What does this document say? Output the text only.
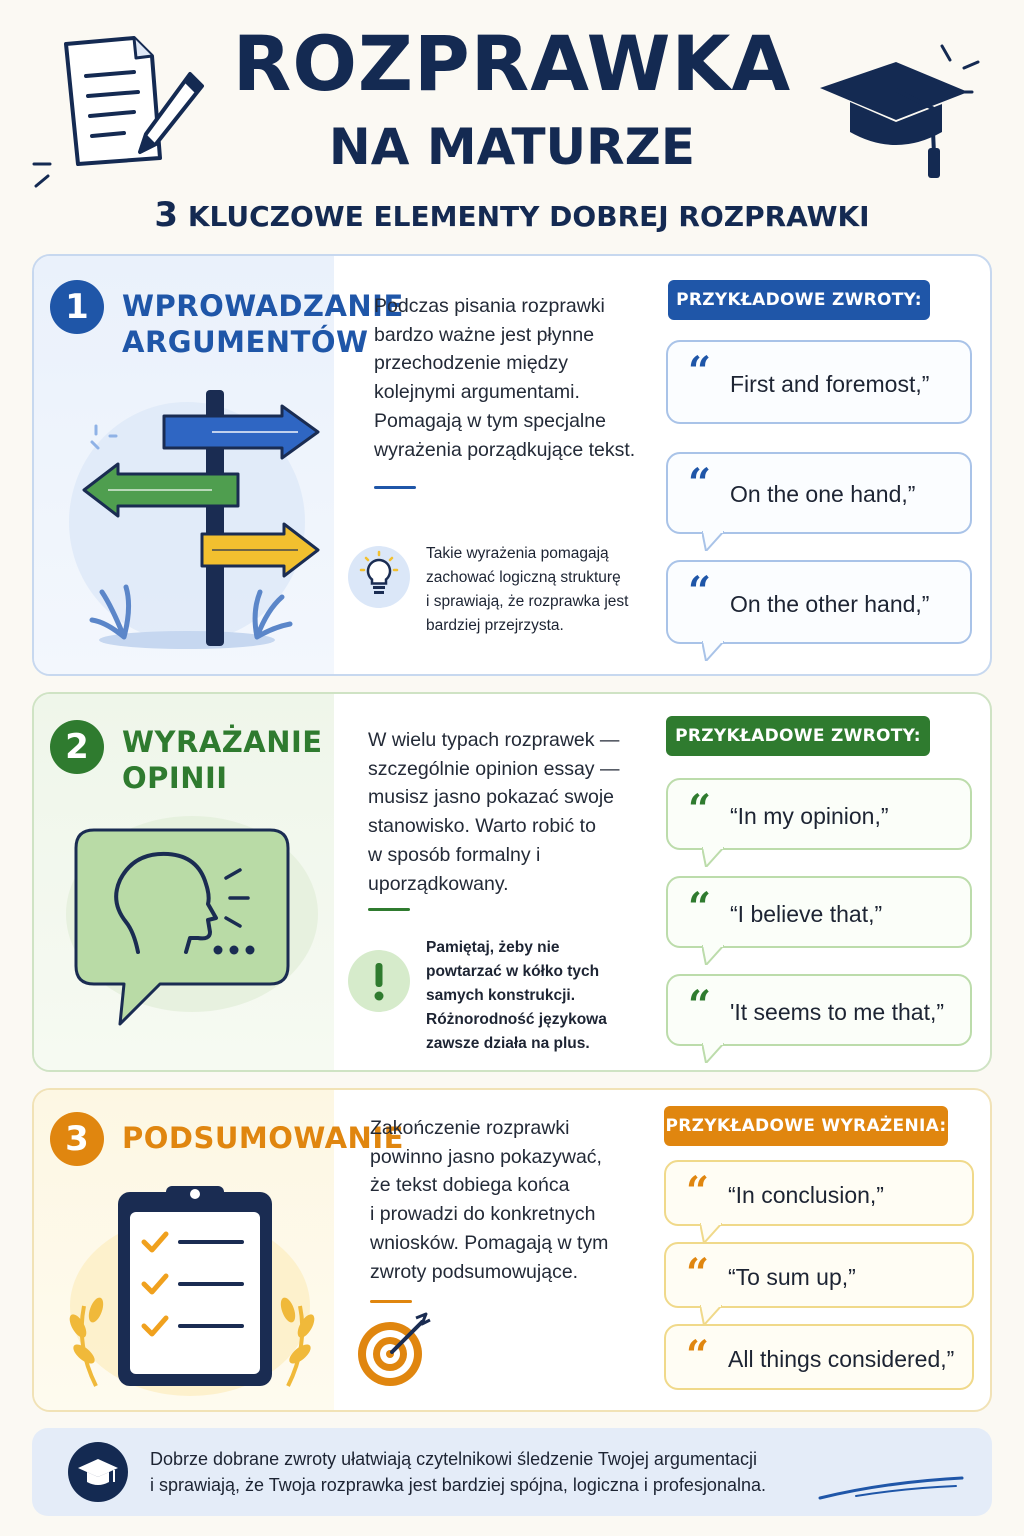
ROZPRAWKA
NA MATURZE
3 KLUCZOWE ELEMENTY DOBREJ ROZPRAWKI
1	WPROWADZANIE
ARGUMENTÓW
Podczas pisania rozprawki
bardzo ważne jest płynne
przechodzenie między
kolejnymi argumentami.
Pomagają w tym specjalne
wyrażenia porządkujące tekst.
Takie wyrażenia pomagają
zachować logiczną strukturę
i sprawiają, że rozprawka jest
bardziej przejrzysta.
PRZYKŁADOWE ZWROTY:
“ First and foremost,”
“ On the one hand,”
“ On the other hand,”
2	WYRAŻANIE
OPINII
W wielu typach rozprawek —
szczególnie opinion essay —
musisz jasno pokazać swoje
stanowisko. Warto robić to
w sposób formalny i
uporządkowany.
Pamiętaj, żeby nie
powtarzać w kółko tych
samych konstrukcji.
Różnorodność językowa
zawsze działa na plus.
PRZYKŁADOWE ZWROTY:
“ “In my opinion,”
“ “I believe that,”
“ 'It seems to me that,”
3	PODSUMOWANIE
Zakończenie rozprawki
powinno jasno pokazywać,
że tekst dobiega końca
i prowadzi do konkretnych
wniosków. Pomagają w tym
zwroty podsumowujące.
PRZYKŁADOWE WYRAŻENIA:
“ “In conclusion,”
“ “To sum up,”
“ All things considered,”
Dobrze dobrane zwroty ułatwiają czytelnikowi śledzenie Twojej argumentacji
i sprawiają, że Twoja rozprawka jest bardziej spójna, logiczna i profesjonalna.
